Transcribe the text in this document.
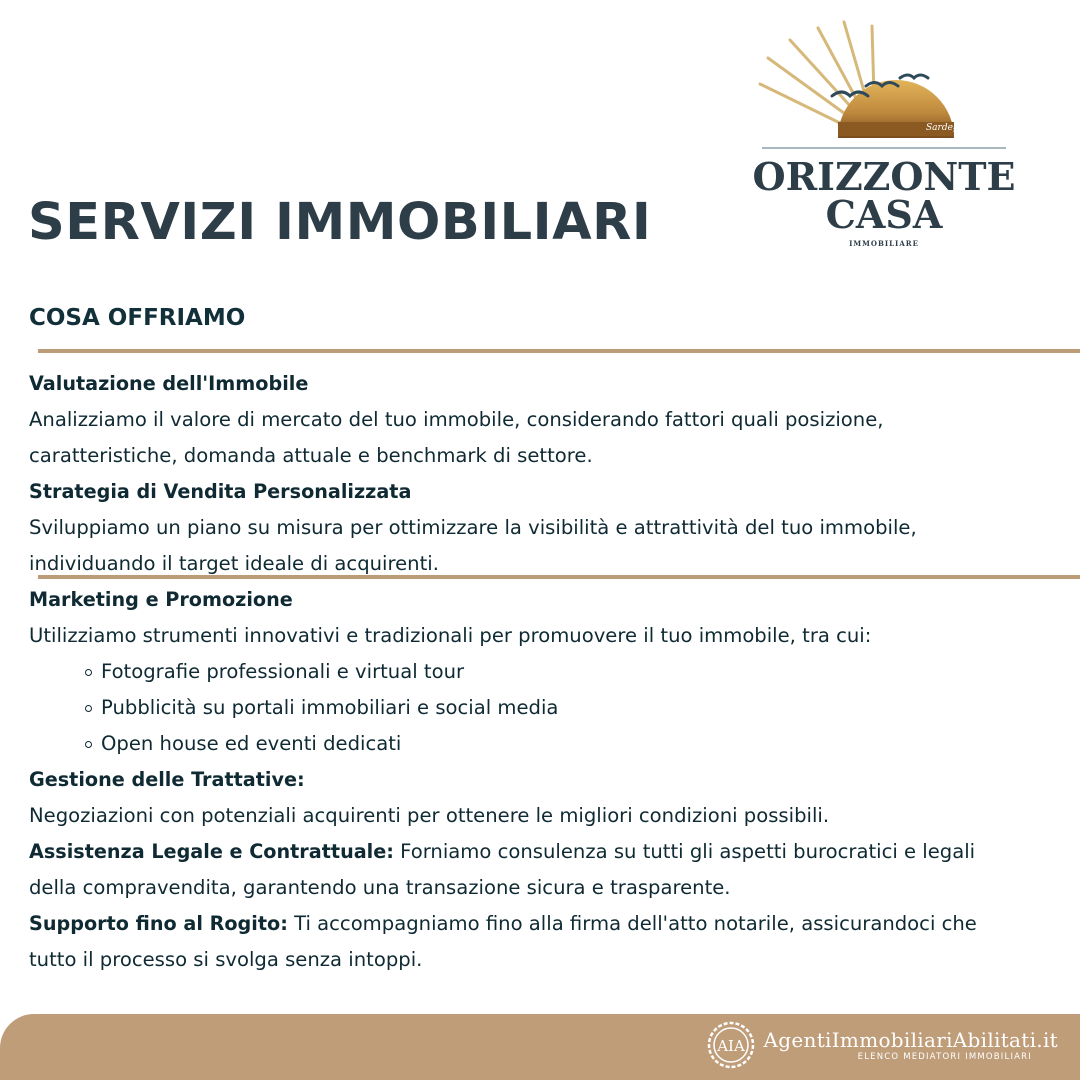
Sardegna
ORIZZONTE
CASA
IMMOBILIARE
SERVIZI IMMOBILIARI
COSA OFFRIAMO

Valutazione dell'Immobile

Analizziamo il valore di mercato del tuo immobile, considerando fattori quali posizione,

caratteristiche, domanda attuale e benchmark di settore.

Strategia di Vendita Personalizzata

Sviluppiamo un piano su misura per ottimizzare la visibilità e attrattività del tuo immobile,

individuando il target ideale di acquirenti.

Marketing e Promozione

Utilizziamo strumenti innovativi e tradizionali per promuovere il tuo immobile, tra cui:

Fotografie professionali e virtual tour
Pubblicità su portali immobiliari e social media
Open house ed eventi dedicati

Gestione delle Trattative:

Negoziazioni con potenziali acquirenti per ottenere le migliori condizioni possibili.

Assistenza Legale e Contrattuale: Forniamo consulenza su tutti gli aspetti burocratici e legali

della compravendita, garantendo una transazione sicura e trasparente.

Supporto fino al Rogito: Ti accompagniamo fino alla firma dell'atto notarile, assicurandoci che

tutto il processo si svolga senza intoppi.

AIA AgentiImmobiliariAbilitati.it
ELENCO MEDIATORI IMMOBILIARI
